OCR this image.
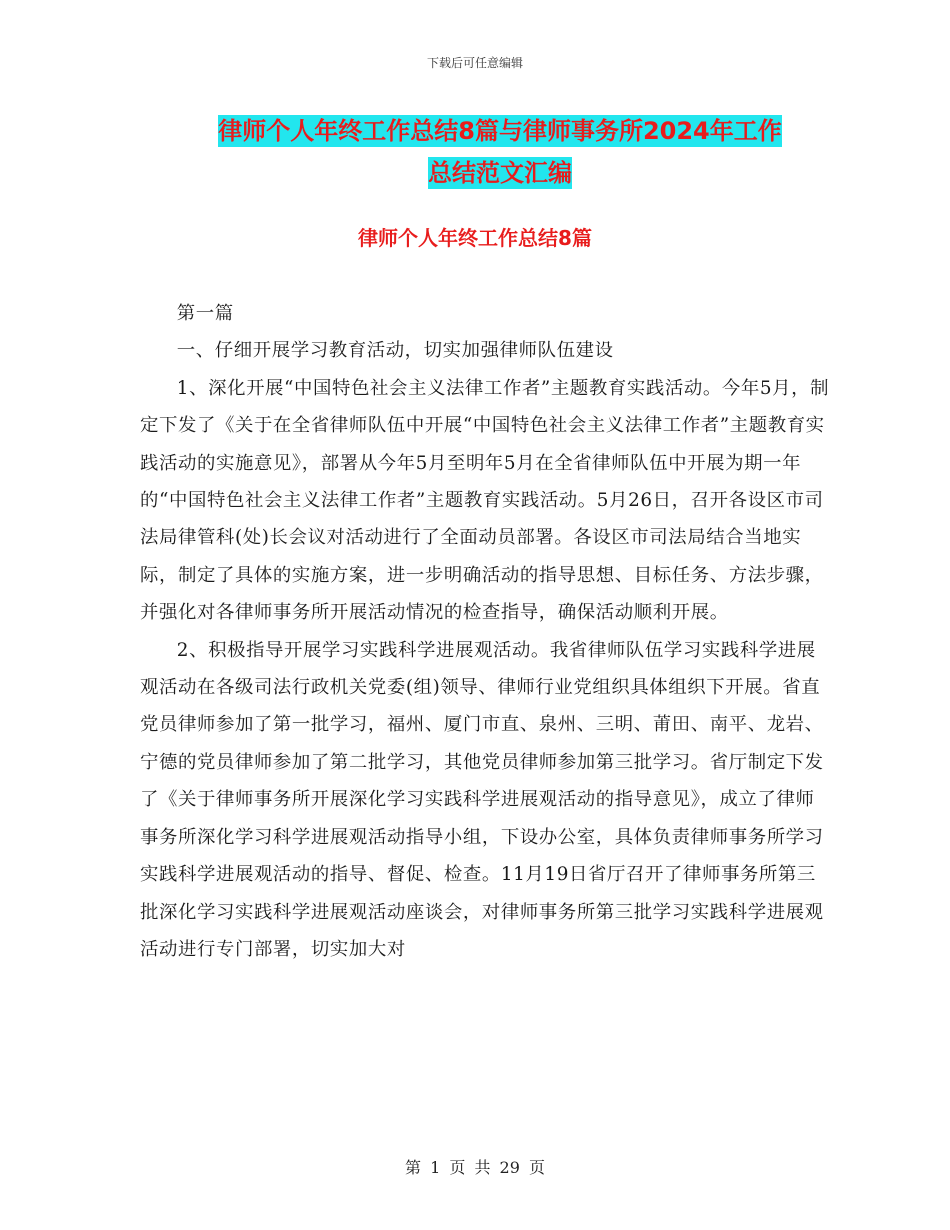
下载后可任意编辑
律师个人年终工作总结8篇与律师事务所2024年工作
总结范文汇编
律师个人年终工作总结8篇

第一篇

一、仔细开展学习教育活动，切实加强律师队伍建设

1、深化开展“中国特色社会主义法律工作者”主题教育实践活动。今年5月，制定下发了《关于在全省律师队伍中开展“中国特色社会主义法律工作者”主题教育实践活动的实施意见》，部署从今年5月至明年5月在全省律师队伍中开展为期一年的“中国特色社会主义法律工作者”主题教育实践活动。5月26日，召开各设区市司法局律管科(处)长会议对活动进行了全面动员部署。各设区市司法局结合当地实际，制定了具体的实施方案，进一步明确活动的指导思想、目标任务、方法步骤，并强化对各律师事务所开展活动情况的检查指导，确保活动顺利开展。

2、积极指导开展学习实践科学进展观活动。我省律师队伍学习实践科学进展观活动在各级司法行政机关党委(组)领导、律师行业党组织具体组织下开展。省直党员律师参加了第一批学习，福州、厦门市直、泉州、三明、莆田、南平、龙岩、宁德的党员律师参加了第二批学习，其他党员律师参加第三批学习。省厅制定下发了《关于律师事务所开展深化学习实践科学进展观活动的指导意见》，成立了律师事务所深化学习科学进展观活动指导小组，下设办公室，具体负责律师事务所学习实践科学进展观活动的指导、督促、检查。11月19日省厅召开了律师事务所第三批深化学习实践科学进展观活动座谈会，对律师事务所第三批学习实践科学进展观活动进行专门部署，切实加大对

第 1 页 共 29 页
